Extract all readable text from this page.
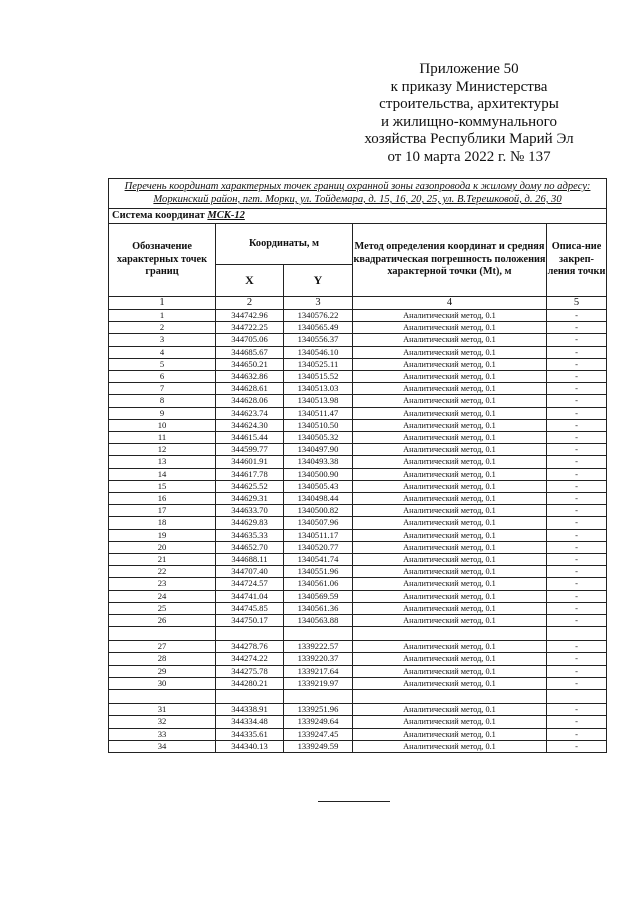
Приложение 50
к приказу Министерства
строительства, архитектуры
и жилищно-коммунального
хозяйства Республики Марий Эл
от 10 марта 2022 г. № 137
Перечень координат характерных точек границ охранной зоны газопровода к жилому дому по адресу: Моркинский район, пгт. Морки, ул. Тойдемара, д. 15, 16, 20, 25, ул. В.Терешковой, д. 26, 30				
Система координат МСК-12				
Обозначение характерных точек границ	Координаты, м		Метод определения координат и средняя квадратическая погрешность положения характерной точки (Mt), м	Описа-ние закреп-ления точки
	X	Y		
1	2	3	4	5
1	344742.96	1340576.22	Аналитический метод, 0.1	-
2	344722.25	1340565.49	Аналитический метод, 0.1	-
3	344705.06	1340556.37	Аналитический метод, 0.1	-
4	344685.67	1340546.10	Аналитический метод, 0.1	-
5	344650.21	1340525.11	Аналитический метод, 0.1	-
6	344632.86	1340515.52	Аналитический метод, 0.1	-
7	344628.61	1340513.03	Аналитический метод, 0.1	-
8	344628.06	1340513.98	Аналитический метод, 0.1	-
9	344623.74	1340511.47	Аналитический метод, 0.1	-
10	344624.30	1340510.50	Аналитический метод, 0.1	-
11	344615.44	1340505.32	Аналитический метод, 0.1	-
12	344599.77	1340497.90	Аналитический метод, 0.1	-
13	344601.91	1340493.38	Аналитический метод, 0.1	-
14	344617.78	1340500.90	Аналитический метод, 0.1	-
15	344625.52	1340505.43	Аналитический метод, 0.1	-
16	344629.31	1340498.44	Аналитический метод, 0.1	-
17	344633.70	1340500.82	Аналитический метод, 0.1	-
18	344629.83	1340507.96	Аналитический метод, 0.1	-
19	344635.33	1340511.17	Аналитический метод, 0.1	-
20	344652.70	1340520.77	Аналитический метод, 0.1	-
21	344688.11	1340541.74	Аналитический метод, 0.1	-
22	344707.40	1340551.96	Аналитический метод, 0.1	-
23	344724.57	1340561.06	Аналитический метод, 0.1	-
24	344741.04	1340569.59	Аналитический метод, 0.1	-
25	344745.85	1340561.36	Аналитический метод, 0.1	-
26	344750.17	1340563.88	Аналитический метод, 0.1	-

27	344278.76	1339222.57	Аналитический метод, 0.1	-
28	344274.22	1339220.37	Аналитический метод, 0.1	-
29	344275.78	1339217.64	Аналитический метод, 0.1	-
30	344280.21	1339219.97	Аналитический метод, 0.1	-

31	344338.91	1339251.96	Аналитический метод, 0.1	-
32	344334.48	1339249.64	Аналитический метод, 0.1	-
33	344335.61	1339247.45	Аналитический метод, 0.1	-
34	344340.13	1339249.59	Аналитический метод, 0.1	-
